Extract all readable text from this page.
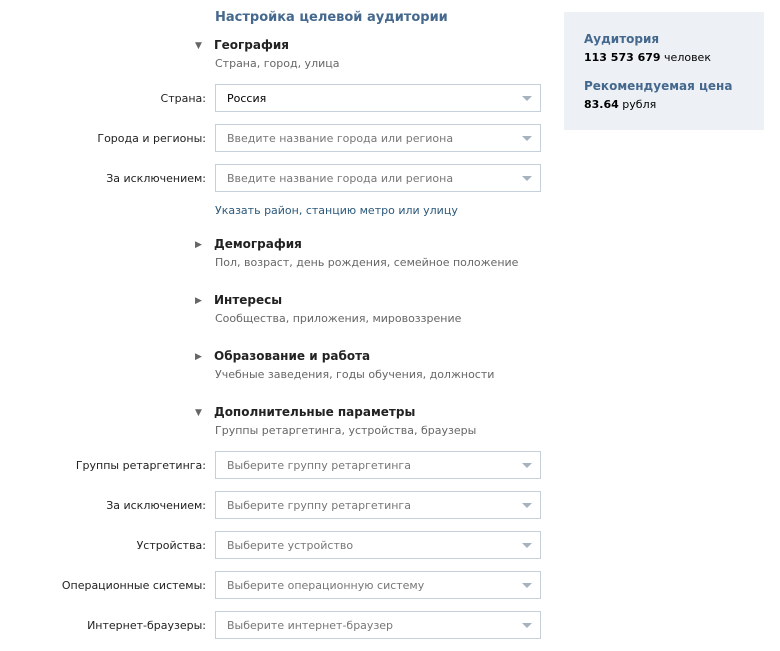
Настройка целевой аудитории
▼	География
Страна, город, улица
Страна: Россия
Города и регионы: Введите название города или региона
За исключением: Введите название города или региона
Указать район, станцию метро или улицу
▶	Демография
Пол, возраст, день рождения, семейное положение
▶	Интересы
Сообщества, приложения, мировоззрение
▶	Образование и работа
Учебные заведения, годы обучения, должности
▼	Дополнительные параметры
Группы ретаргетинга, устройства, браузеры
Группы ретаргетинга: Выберите группу ретаргетинга
За исключением: Выберите группу ретаргетинга
Устройства: Выберите устройство
Операционные системы: Выберите операционную систему
Интернет-браузеры: Выберите интернет-браузер
Аудитория
113 573 679 человек
Рекомендуемая цена
83.64 рубля
